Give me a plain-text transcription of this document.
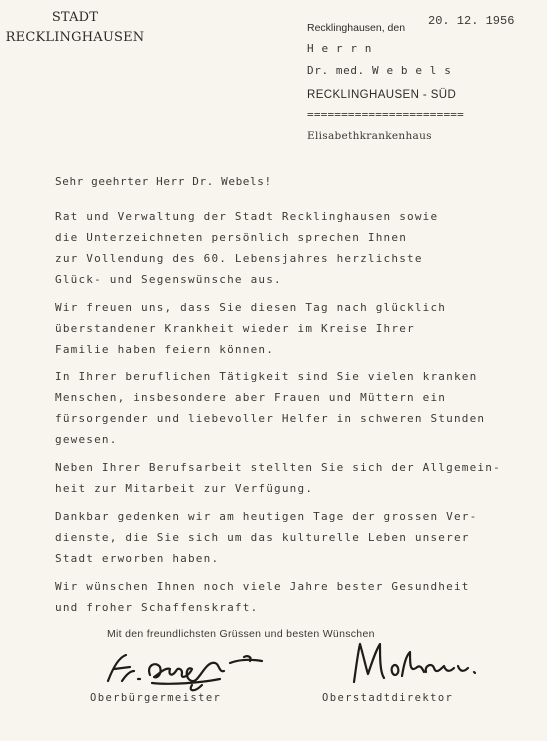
STADT
RECKLINGHAUSEN
Recklinghausen, den 20. 12. 1956
H e r r n
Dr. med. W e b e l s
RECKLINGHAUSEN - SÜD
=======================
Elisabethkrankenhaus
Sehr geehrter Herr Dr. Webels!
Rat und Verwaltung der Stadt Recklinghausen sowie
die Unterzeichneten persönlich sprechen Ihnen
zur Vollendung des 60. Lebensjahres herzlichste
Glück- und Segenswünsche aus.
Wir freuen uns, dass Sie diesen Tag nach glücklich
überstandener Krankheit wieder im Kreise Ihrer
Familie haben feiern können.
In Ihrer beruflichen Tätigkeit sind Sie vielen kranken
Menschen, insbesondere aber Frauen und Müttern ein
fürsorgender und liebevoller Helfer in schweren Stunden
gewesen.
Neben Ihrer Berufsarbeit stellten Sie sich der Allgemein-
heit zur Mitarbeit zur Verfügung.
Dankbar gedenken wir am heutigen Tage der grossen Ver-
dienste, die Sie sich um das kulturelle Leben unserer
Stadt erworben haben.
Wir wünschen Ihnen noch viele Jahre bester Gesundheit
und froher Schaffenskraft.
Mit den freundlichsten Grüssen und besten Wünschen
Oberbürgermeister	Oberstadtdirektor
